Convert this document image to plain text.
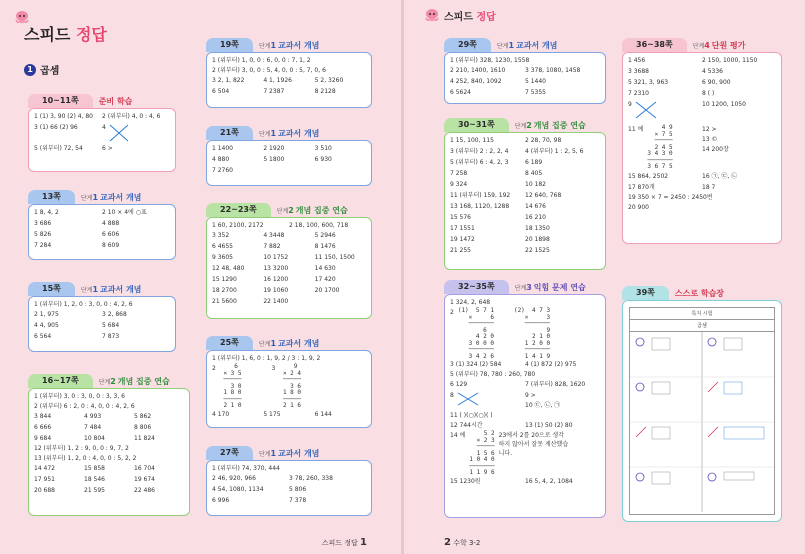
스피드 정답
1 곱셈
10~11쪽	준비 학습
1 (1) 3, 90 (2) 4, 80	2 (위부터) 4, 0 : 4, 6
3 (1) 66 (2) 96	4
5 (위부터) 72, 54	6 >
13쪽	단계1 교과서 개념
1 8, 4, 2	2 10 × 4에 ○표
3 686	4 888
5 826	6 606
7 284	8 609
15쪽	단계1 교과서 개념
1 (위부터) 1, 2, 0 : 3, 0, 0 : 4, 2, 6
2 1, 975	3 2, 868
4 4, 905	5 684
6 564	7 873
16~17쪽	단계2 개념 집중 연습
1 (위부터) 3, 0 : 3, 0, 0 : 3, 3, 6
2 (위부터) 6 : 2, 0 : 4, 0, 0 : 4, 2, 6
3 844	4 993	5 862
6 666	7 484	8 806
9 684	10 804	11 824
12 (위부터) 1, 2 : 9, 0, 0 : 9, 7, 2
13 (위부터) 1, 2, 0 : 4, 0, 0 : 5, 2, 2
14 472	15 858	16 704
17 951	18 546	19 674
20 688	21 595	22 486
19쪽	단계1 교과서 개념
1 (위부터) 1, 0, 0 : 6, 0, 0 : 7, 1, 2
2 (위부터) 3, 0, 0 : 5, 4, 0, 0 : 5, 7, 0, 6
3 2, 1, 822	4 1, 1926	5 2, 3260
6 504	7 2387	8 2128
21쪽	단계1 교과서 개념
1 1400	2 1920	3 510
4 880	5 1800	6 930
7 2760
22~23쪽	단계2 개념 집중 연습
1 60, 2100, 2172	2 18, 100, 600, 718
3 352	4 3448	5 2946
6 4655	7 882	8 1476
9 3605	10 1752	11 150, 1500
12 48, 480	13 3200	14 630
15 1290	16 1200	17 420
18 2700	19 1060	20 1700
21 5600	22 1400
25쪽	단계1 교과서 개념
1 (위부터) 1, 6, 0 : 1, 9, 2 / 3 : 1, 9, 2
2	6
× 3 5
─────
3 0
1 8 0
─────
2 1 0
3	9
× 2 4
─────
3 6
1 8 0
─────
2 1 6
4 170	5 175	6 144
27쪽	단계1 교과서 개념
1 (위부터) 74, 370, 444
2 46, 920, 966	3 78, 260, 338
4 54, 1080, 1134	5 806
6 996	7 378
스피드 정답 1
스피드 정답
29쪽	단계1 교과서 개념
1 (위부터) 328, 1230, 1558
2 210, 1400, 1610	3 378, 1080, 1458
4 252, 840, 1092	5 1440
6 5624	7 5355
30~31쪽	단계2 개념 집중 연습
1 15, 100, 115	2 28, 70, 98
3 (위부터) 2 : 2, 2, 4	4 (위부터) 1 : 2, 5, 6
5 (위부터) 6 : 4, 2, 3	6 189
7 258	8 405
9 324	10 182
11 (위부터) 159, 192	12 640, 768
13 168, 1120, 1288	14 676
15 576	16 210
17 1551	18 1350
19 1472	20 1898
21 255	22 1525
32~35쪽	단계3 익힘 문제 연습
1 324, 2, 648
2 (1)  5 7 1
×     6
───────
6
4 2 0
3 0 0 0
───────
3 4 2 6
(2)  4 7 3
×     3
───────
9
2 1 0
1 2 0 0
───────
1 4 1 9
3 (1) 324 (2) 584	4 (1) 872 (2) 975
5 (위부터) 78, 780 : 260, 780
6 129	7 (위부터) 828, 1620
8	9 >
10 ㉢, ㉡, ㉠
11 ( )(○)(○)( )
12 744시간	13 (1) 50 (2) 80
14 예	5 2
× 2 3
─────
1 5 6
1 0 4 0
───────
1 1 9 6
23에서 2를 20으로 생각하지 않아서 잘못 계산했습니다.
15 1230원	16 5, 4, 2, 1084
36~38쪽	단계4 단원 평가
1 456	2 150, 1000, 1150
3 3688	4 5336
5 321, 3, 963	6 90, 900
7 2310	8 ( )
9	10 1200, 1050
11 예	4 9
× 7 5
─────
2 4 5
3 4 3 0
───────
3 6 7 5
12 >
13 ©
14 200장
15 864, 2502	16 ㉠, ㉢, ㉡
17 870개	18 7
19 350 × 7 = 2450 : 2450번
20 900
39쪽	스스로 학습장
특지 시험
곱셈
2 수학 3-2
